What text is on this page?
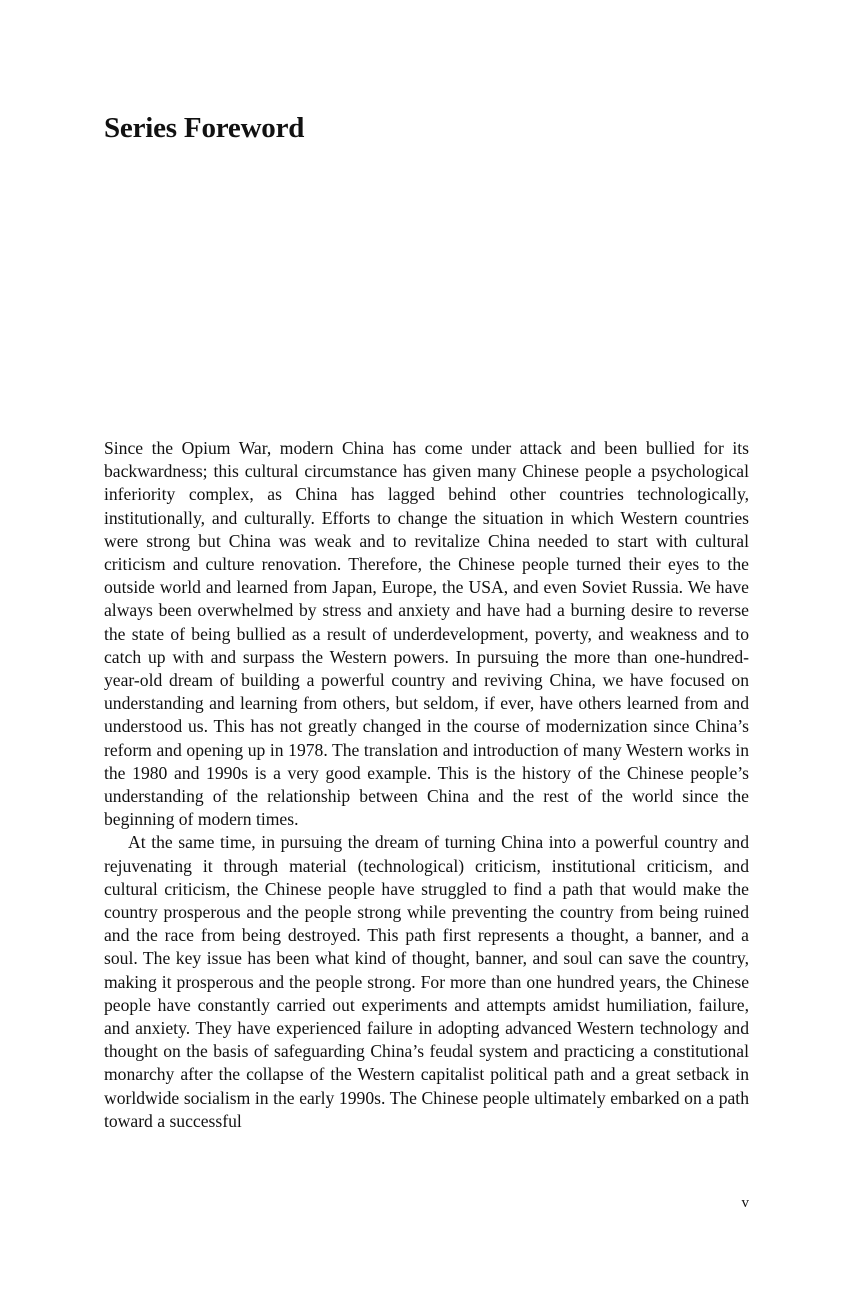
Series Foreword

Since the Opium War, modern China has come under attack and been bullied for its backwardness; this cultural circumstance has given many Chinese people a psychological inferiority complex, as China has lagged behind other countries technologically, institutionally, and culturally. Efforts to change the situation in which Western countries were strong but China was weak and to revitalize China needed to start with cultural criticism and culture renovation. Therefore, the Chinese people turned their eyes to the outside world and learned from Japan, Europe, the USA, and even Soviet Russia. We have always been overwhelmed by stress and anxiety and have had a burning desire to reverse the state of being bullied as a result of underdevelopment, poverty, and weakness and to catch up with and surpass the Western powers. In pursuing the more than one-hundred-year-old dream of building a powerful country and reviving China, we have focused on understanding and learning from others, but seldom, if ever, have others learned from and understood us. This has not greatly changed in the course of modernization since China’s reform and opening up in 1978. The translation and introduction of many Western works in the 1980 and 1990s is a very good example. This is the history of the Chinese people’s understanding of the relationship between China and the rest of the world since the beginning of modern times.

At the same time, in pursuing the dream of turning China into a powerful country and rejuvenating it through material (technological) criticism, institutional criticism, and cultural criticism, the Chinese people have struggled to find a path that would make the country prosperous and the people strong while preventing the country from being ruined and the race from being destroyed. This path first represents a thought, a banner, and a soul. The key issue has been what kind of thought, banner, and soul can save the country, making it prosperous and the people strong. For more than one hundred years, the Chinese people have constantly carried out experiments and attempts amidst humiliation, failure, and anxiety. They have experienced failure in adopting advanced Western technology and thought on the basis of safeguarding China’s feudal system and practicing a constitutional monarchy after the collapse of the Western capitalist political path and a great setback in worldwide socialism in the early 1990s. The Chinese people ultimately embarked on a path toward a successful

v
